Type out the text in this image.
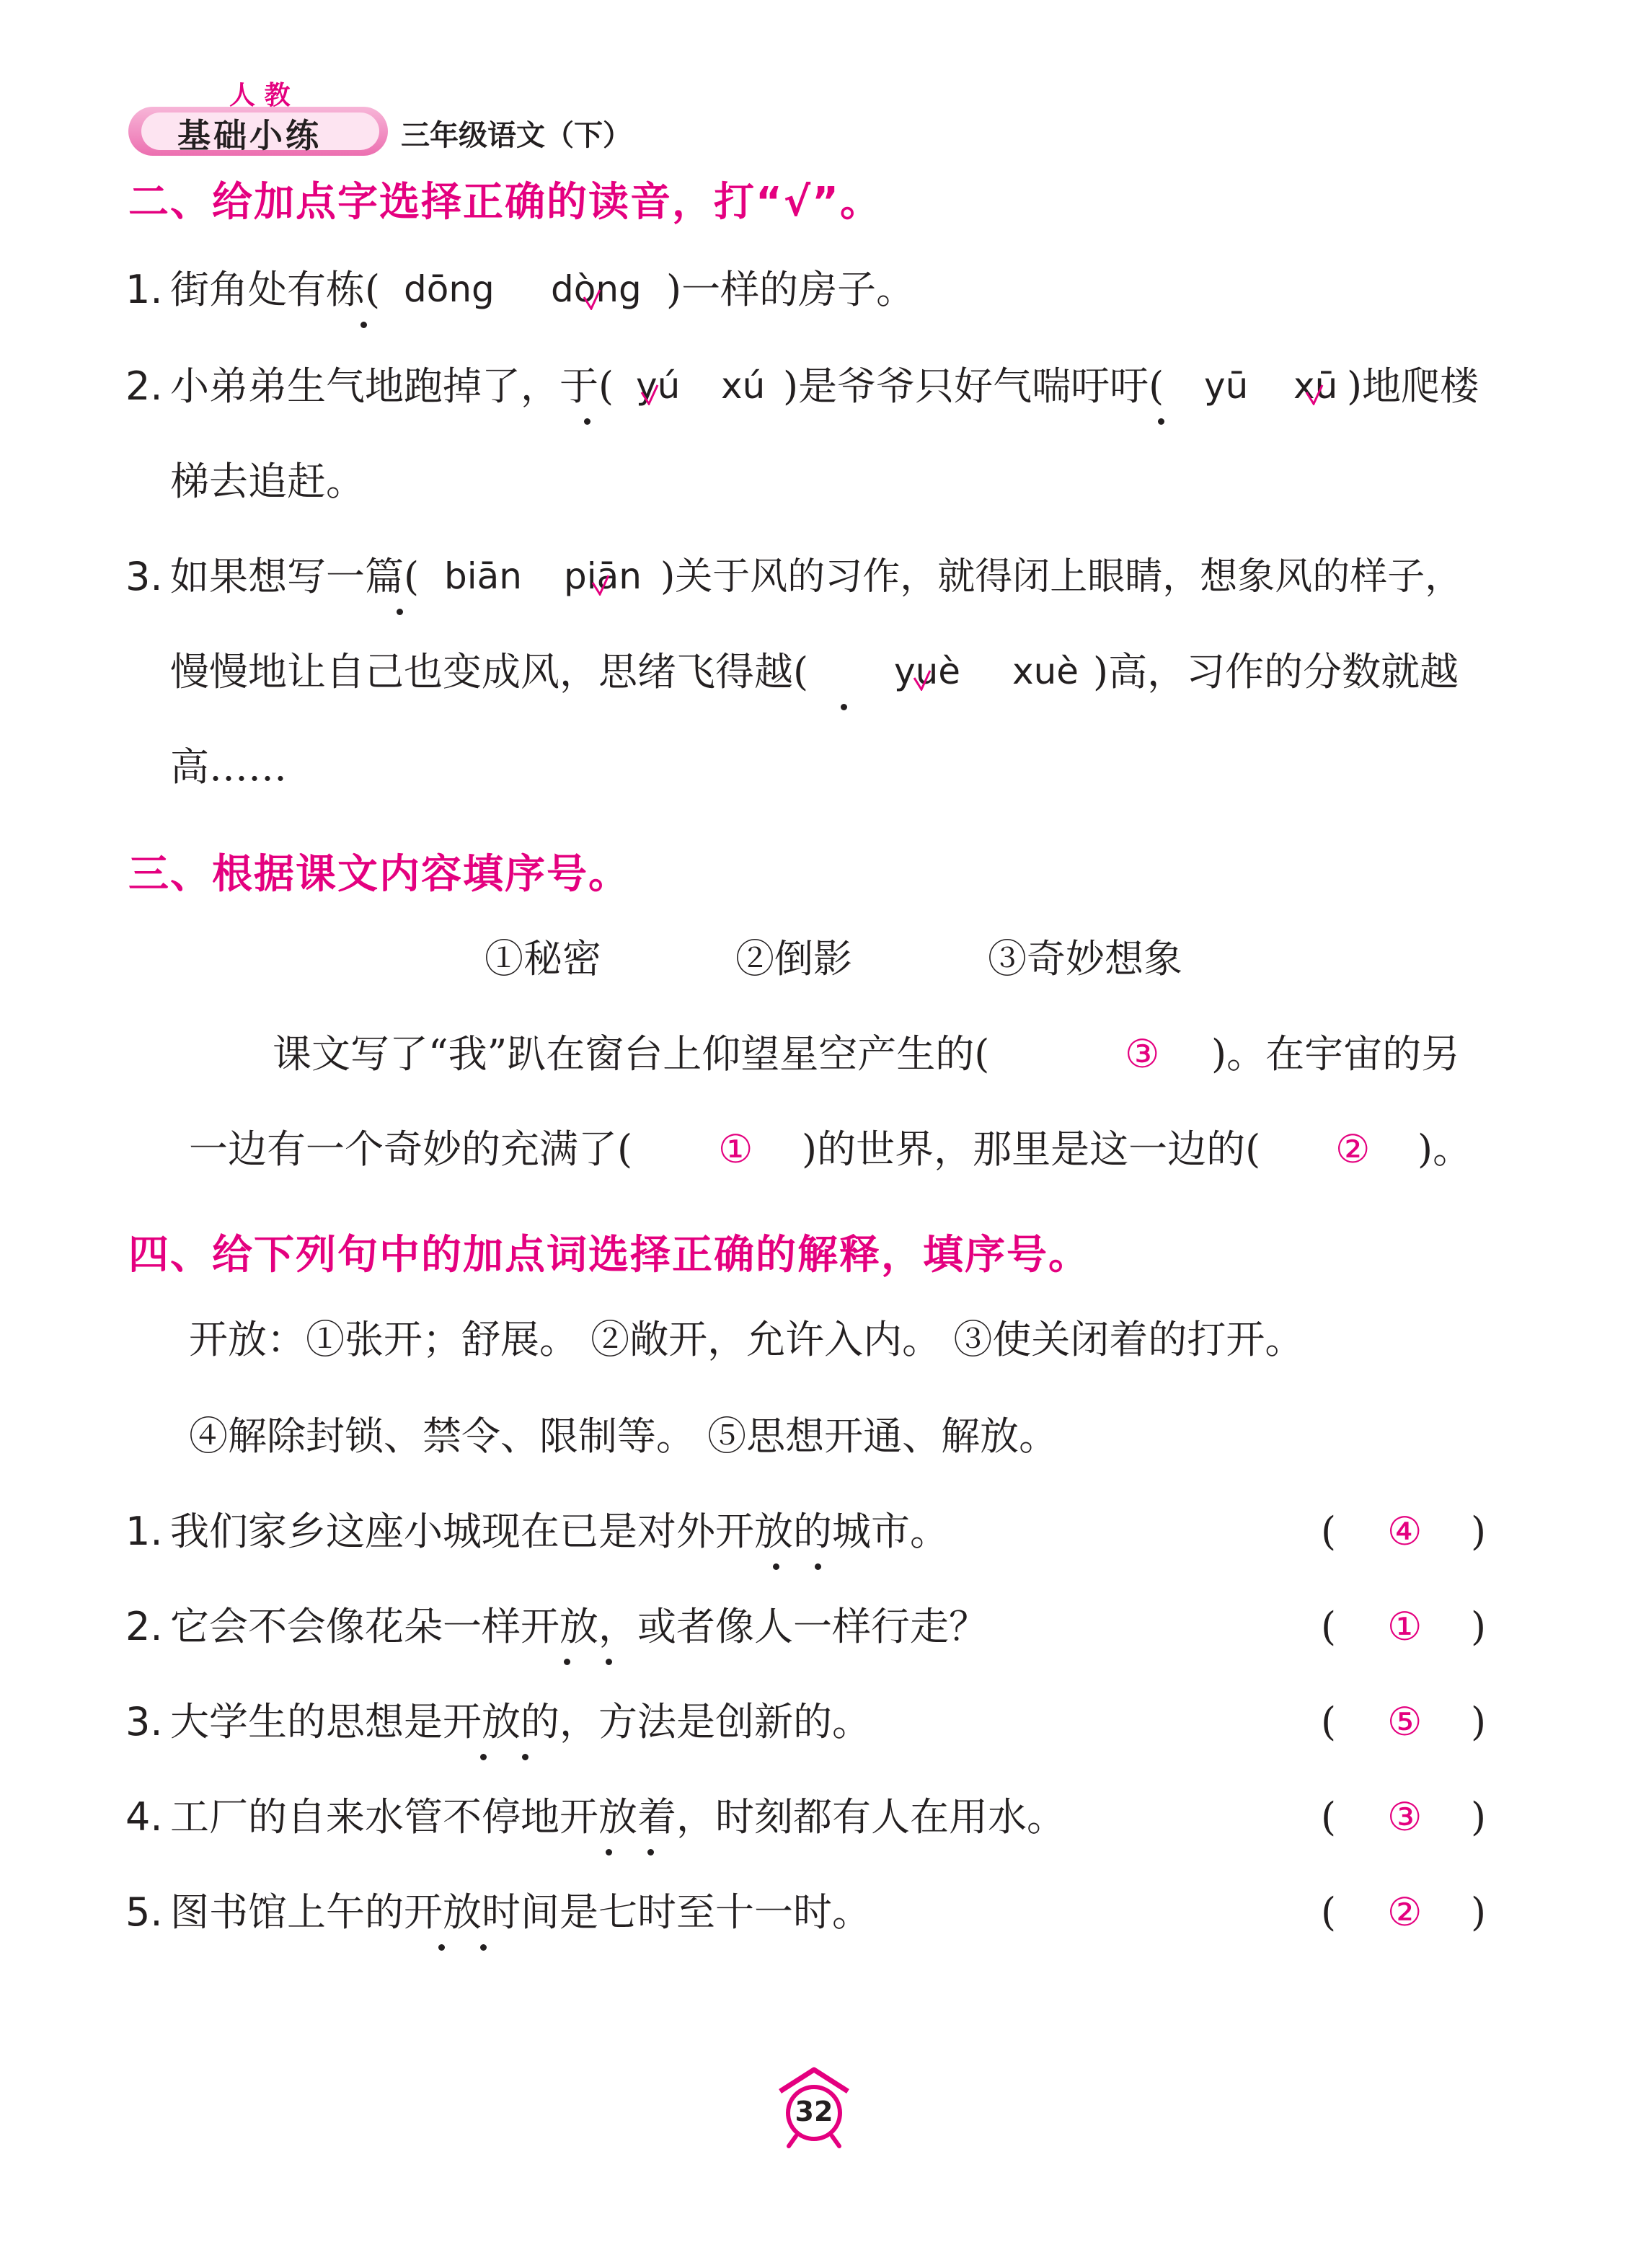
人 教
基础小练	三年级语文（下）
二、给加点字选择正确的读音，打“√”。
1. 街角处有栋( dōng dòng )一样的房子。
2. 小弟弟生气地跑掉了，于( yú xú )是爷爷只好气喘吁吁( yū xū )地爬楼
梯去追赶。
3. 如果想写一篇( biān piān )关于风的习作，就得闭上眼睛，想象风的样子，
慢慢地让自己也变成风，思绪飞得越( yuè xuè )高，习作的分数就越
高……
三、根据课文内容填序号。
①秘密	②倒影	③奇妙想象
课文写了“我”趴在窗台上仰望星空产生的(	③ )。在宇宙的另
一边有一个奇妙的充满了( ① )的世界，那里是这一边的( ② )。
四、给下列句中的加点词选择正确的解释，填序号。
开放：①张开；舒展。 ②敞开，允许入内。 ③使关闭着的打开。
④解除封锁、禁令、限制等。 ⑤思想开通、解放。
1. 我们家乡这座小城现在已是对外开放的城市。	( ④ )
2. 它会不会像花朵一样开放，或者像人一样行走？	( ① )
3. 大学生的思想是开放的，方法是创新的。	( ⑤ )
4. 工厂的自来水管不停地开放着，时刻都有人在用水。	( ③ )
5. 图书馆上午的开放时间是七时至十一时。	( ② )
32
